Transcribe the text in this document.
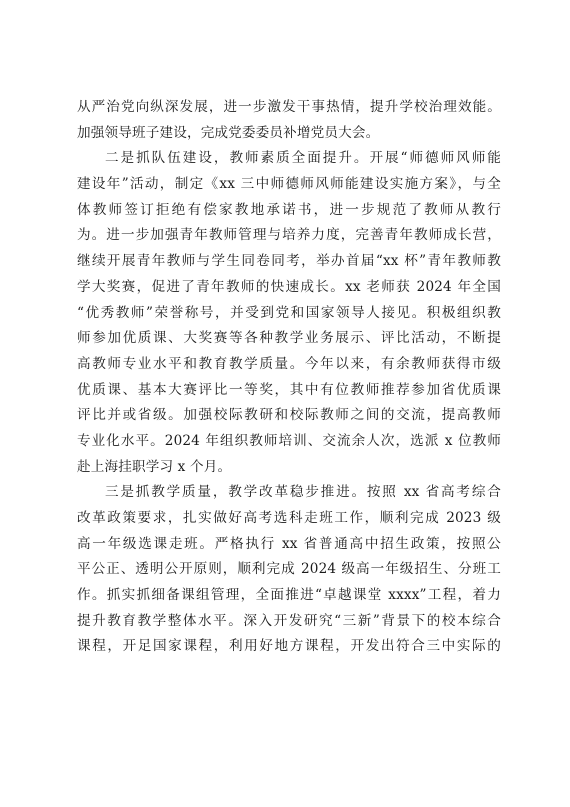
从严治党向纵深发展，进一步激发干事热情，提升学校治理效能。
加强领导班子建设，完成党委委员补增党员大会。
二是抓队伍建设，教师素质全面提升。开展“师德师风师能
建设年”活动，制定《xx 三中师德师风师能建设实施方案》，与全
体教师签订拒绝有偿家教地承诺书，进一步规范了教师从教行
为。进一步加强青年教师管理与培养力度，完善青年教师成长营，
继续开展青年教师与学生同卷同考，举办首届“xx 杯”青年教师教
学大奖赛，促进了青年教师的快速成长。xx 老师获 2024 年全国
“优秀教师”荣誉称号，并受到党和国家领导人接见。积极组织教
师参加优质课、大奖赛等各种教学业务展示、评比活动，不断提
高教师专业水平和教育教学质量。今年以来，有余教师获得市级
优质课、基本大赛评比一等奖，其中有位教师推荐参加省优质课
评比并或省级。加强校际教研和校际教师之间的交流，提高教师
专业化水平。2024 年组织教师培训、交流余人次，选派 x 位教师
赴上海挂职学习 x 个月。
三是抓教学质量，教学改革稳步推进。按照 xx 省高考综合
改革政策要求，扎实做好高考选科走班工作，顺利完成 2023 级
高一年级选课走班。严格执行 xx 省普通高中招生政策，按照公
平公正、透明公开原则，顺利完成 2024 级高一年级招生、分班工
作。抓实抓细备课组管理，全面推进“卓越课堂 xxxx”工程，着力
提升教育教学整体水平。深入开发研究“三新”背景下的校本综合
课程，开足国家课程，利用好地方课程，开发出符合三中实际的
